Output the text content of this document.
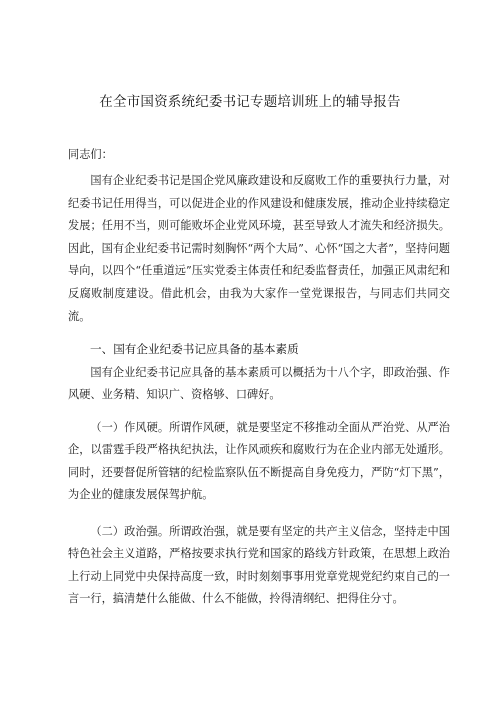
在全市国资系统纪委书记专题培训班上的辅导报告
同志们：

国有企业纪委书记是国企党风廉政建设和反腐败工作的重要执行力量，对纪委书记任用得当，可以促进企业的作风建设和健康发展，推动企业持续稳定发展；任用不当，则可能败坏企业党风环境，甚至导致人才流失和经济损失。因此，国有企业纪委书记需时刻胸怀“两个大局”、心怀“国之大者”，坚持问题导向，以四个“任重道远”压实党委主体责任和纪委监督责任，加强正风肃纪和反腐败制度建设。借此机会，由我为大家作一堂党课报告，与同志们共同交流。

一、国有企业纪委书记应具备的基本素质

国有企业纪委书记应具备的基本素质可以概括为十八个字，即政治强、作风硬、业务精、知识广、资格够、口碑好。

（一）作风硬。所谓作风硬，就是要坚定不移推动全面从严治党、从严治企，以雷霆手段严格执纪执法，让作风顽疾和腐败行为在企业内部无处遁形。同时，还要督促所管辖的纪检监察队伍不断提高自身免疫力，严防“灯下黑”，为企业的健康发展保驾护航。

（二）政治强。所谓政治强，就是要有坚定的共产主义信念，坚持走中国特色社会主义道路，严格按要求执行党和国家的路线方针政策，在思想上政治上行动上同党中央保持高度一致，时时刻刻事事用党章党规党纪约束自己的一言一行，搞清楚什么能做、什么不能做，拎得清纲纪、把得住分寸。
